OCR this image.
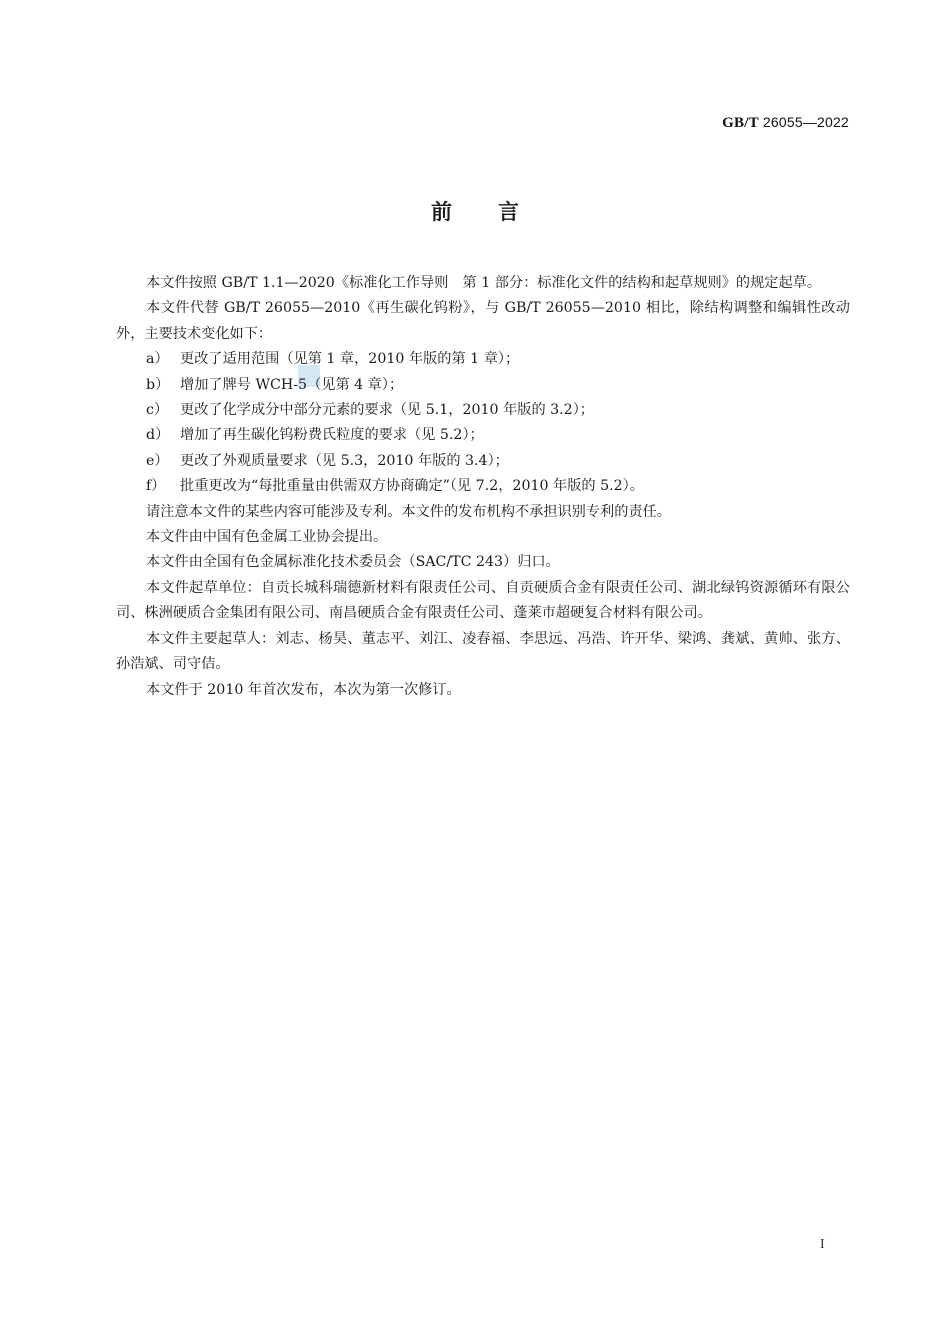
GB/T 26055—2022
前 言

本文件按照 GB/T 1.1—2020《标准化工作导则　第 1 部分：标准化文件的结构和起草规则》的规定起草。

本文件代替 GB/T 26055—2010《再生碳化钨粉》，与 GB/T 26055—2010 相比，除结构调整和编辑性改动外，主要技术变化如下：

a） 更改了适用范围（见第 1 章，2010 年版的第 1 章）；

b） 增加了牌号 WCH-5（见第 4 章）；

c） 更改了化学成分中部分元素的要求（见 5.1，2010 年版的 3.2）；

d） 增加了再生碳化钨粉费氏粒度的要求（见 5.2）；

e） 更改了外观质量要求（见 5.3，2010 年版的 3.4）；

f） 批重更改为“每批重量由供需双方协商确定”（见 7.2，2010 年版的 5.2）。

请注意本文件的某些内容可能涉及专利。本文件的发布机构不承担识别专利的责任。

本文件由中国有色金属工业协会提出。

本文件由全国有色金属标准化技术委员会（SAC/TC 243）归口。

本文件起草单位：自贡长城科瑞德新材料有限责任公司、自贡硬质合金有限责任公司、湖北绿钨资源循环有限公司、株洲硬质合金集团有限公司、南昌硬质合金有限责任公司、蓬莱市超硬复合材料有限公司。

本文件主要起草人：刘志、杨昊、董志平、刘江、凌春福、李思远、冯浩、许开华、梁鸿、龚斌、黄帅、张方、孙浩斌、司守佶。

本文件于 2010 年首次发布，本次为第一次修订。

I
